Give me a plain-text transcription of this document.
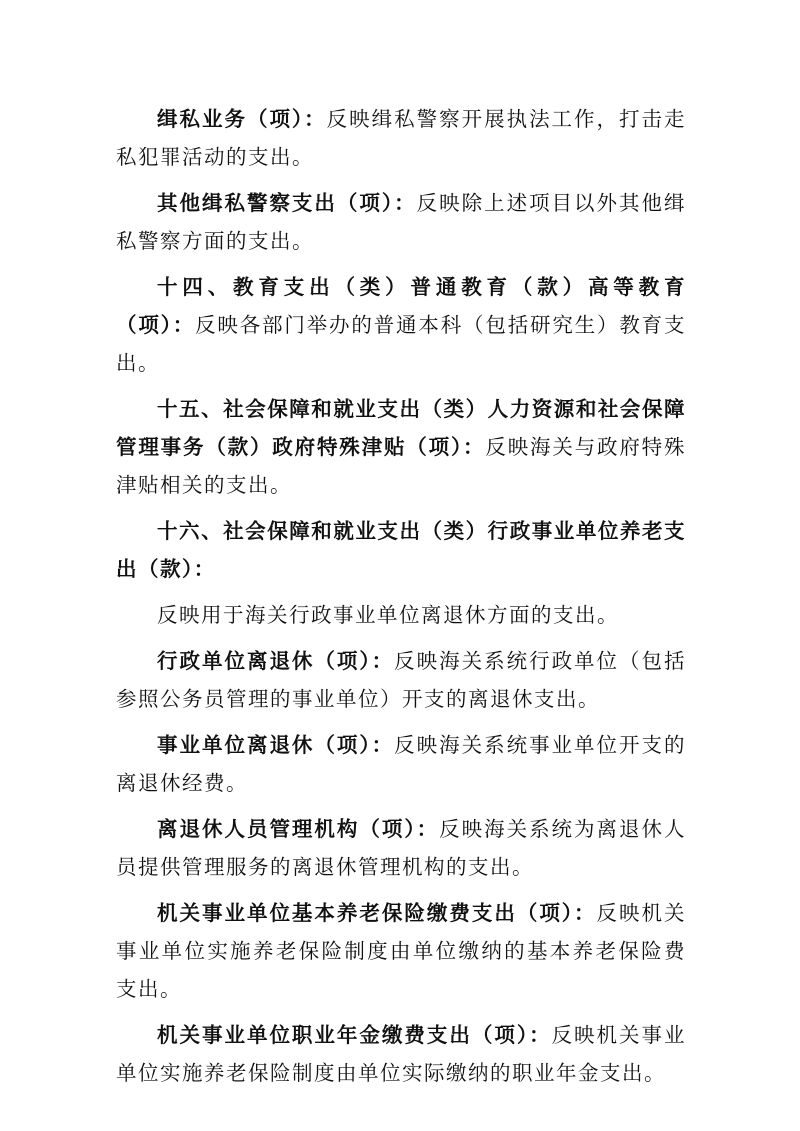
缉私业务（项）：反映缉私警察开展执法工作，打击走私犯罪活动的支出。

其他缉私警察支出（项）：反映除上述项目以外其他缉私警察方面的支出。

十四、教育支出（类）普通教育（款）高等教育（项）：反映各部门举办的普通本科（包括研究生）教育支出。

十五、社会保障和就业支出（类）人力资源和社会保障管理事务（款）政府特殊津贴（项）：反映海关与政府特殊津贴相关的支出。

十六、社会保障和就业支出（类）行政事业单位养老支出（款）：

反映用于海关行政事业单位离退休方面的支出。

行政单位离退休（项）：反映海关系统行政单位（包括参照公务员管理的事业单位）开支的离退休支出。

事业单位离退休（项）：反映海关系统事业单位开支的离退休经费。

离退休人员管理机构（项）：反映海关系统为离退休人员提供管理服务的离退休管理机构的支出。

机关事业单位基本养老保险缴费支出（项）：反映机关事业单位实施养老保险制度由单位缴纳的基本养老保险费支出。

机关事业单位职业年金缴费支出（项）：反映机关事业单位实施养老保险制度由单位实际缴纳的职业年金支出。
